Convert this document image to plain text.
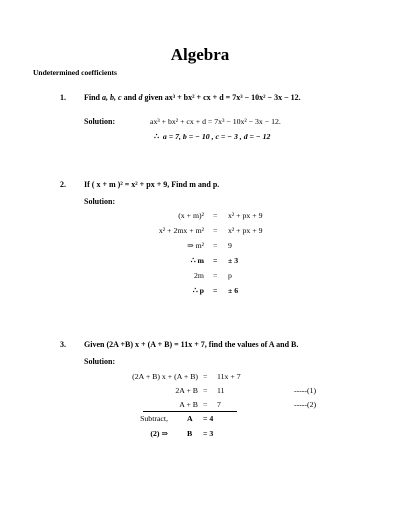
Algebra
Undetermined coefficients
1. Find a, b, c and d given ax³ + bx² + cx + d = 7x³ − 10x² − 3x − 12.
Solution:	ax³ + bx² + cx + d = 7x³ − 10x² − 3x − 12.
∴ a = 7, b = − 10 , c = − 3 , d = − 12
2. If ( x + m )² = x² + px + 9, Find m and p.
Solution:
(x + m)² = x² + px + 9
x² + 2mx + m² = x² + px + 9
⇒ m² = 9
∴ m = ± 3
2m = p
∴ p = ± 6
3. Given (2A +B) x + (A + B) = 11x + 7, find the values of A and B.
Solution:
(2A + B) x + (A + B) = 11x + 7
2A + B = 11	-----(1)
A + B = 7	-----(2)
Subtract, A = 4
(2) ⇒ B = 3
